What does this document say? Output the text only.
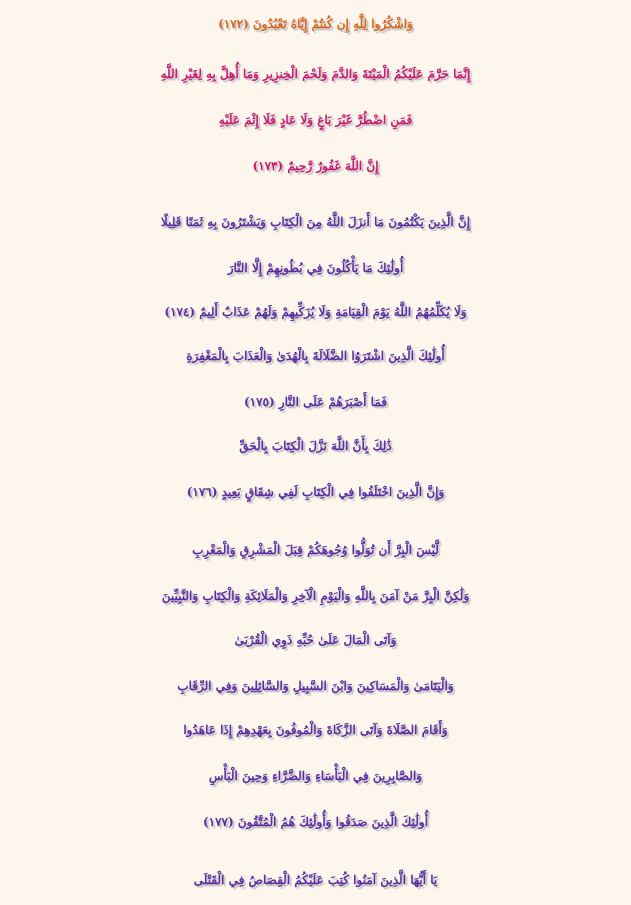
وَاشْكُرُوا لِلَّهِ إِن كُنتُمْ إِيَّاهُ تَعْبُدُونَ (١٧٢)
إِنَّمَا حَرَّمَ عَلَيْكُمُ الْمَيْتَةَ وَالدَّمَ وَلَحْمَ الْخِنزِيرِ وَمَا أُهِلَّ بِهِ لِغَيْرِ اللَّهِ
فَمَنِ اضْطُرَّ غَيْرَ بَاغٍ وَلَا عَادٍ فَلَا إِثْمَ عَلَيْهِ
إِنَّ اللَّهَ غَفُورٌ رَّحِيمٌ (١٧٣)
إِنَّ الَّذِينَ يَكْتُمُونَ مَا أَنزَلَ اللَّهُ مِنَ الْكِتَابِ وَيَشْتَرُونَ بِهِ ثَمَنًا قَلِيلًا
أُولَٰئِكَ مَا يَأْكُلُونَ فِي بُطُونِهِمْ إِلَّا النَّارَ
وَلَا يُكَلِّمُهُمُ اللَّهُ يَوْمَ الْقِيَامَةِ وَلَا يُزَكِّيهِمْ وَلَهُمْ عَذَابٌ أَلِيمٌ (١٧٤)
أُولَٰئِكَ الَّذِينَ اشْتَرَوُا الضَّلَالَةَ بِالْهُدَىٰ وَالْعَذَابَ بِالْمَغْفِرَةِ
فَمَا أَصْبَرَهُمْ عَلَى النَّارِ (١٧٥)
ذَٰلِكَ بِأَنَّ اللَّهَ نَزَّلَ الْكِتَابَ بِالْحَقِّ
وَإِنَّ الَّذِينَ اخْتَلَفُوا فِي الْكِتَابِ لَفِي شِقَاقٍ بَعِيدٍ (١٧٦)
لَّيْسَ الْبِرَّ أَن تُوَلُّوا وُجُوهَكُمْ قِبَلَ الْمَشْرِقِ وَالْمَغْرِبِ
وَلَٰكِنَّ الْبِرَّ مَنْ آمَنَ بِاللَّهِ وَالْيَوْمِ الْآخِرِ وَالْمَلَائِكَةِ وَالْكِتَابِ وَالنَّبِيِّينَ
وَآتَى الْمَالَ عَلَىٰ حُبِّهِ ذَوِي الْقُرْبَىٰ
وَالْيَتَامَىٰ وَالْمَسَاكِينَ وَابْنَ السَّبِيلِ وَالسَّائِلِينَ وَفِي الرِّقَابِ
وَأَقَامَ الصَّلَاةَ وَآتَى الزَّكَاةَ وَالْمُوفُونَ بِعَهْدِهِمْ إِذَا عَاهَدُوا
وَالصَّابِرِينَ فِي الْبَأْسَاءِ وَالضَّرَّاءِ وَحِينَ الْبَأْسِ
أُولَٰئِكَ الَّذِينَ صَدَقُوا وَأُولَٰئِكَ هُمُ الْمُتَّقُونَ (١٧٧)
يَا أَيُّهَا الَّذِينَ آمَنُوا كُتِبَ عَلَيْكُمُ الْقِصَاصُ فِي الْقَتْلَى
